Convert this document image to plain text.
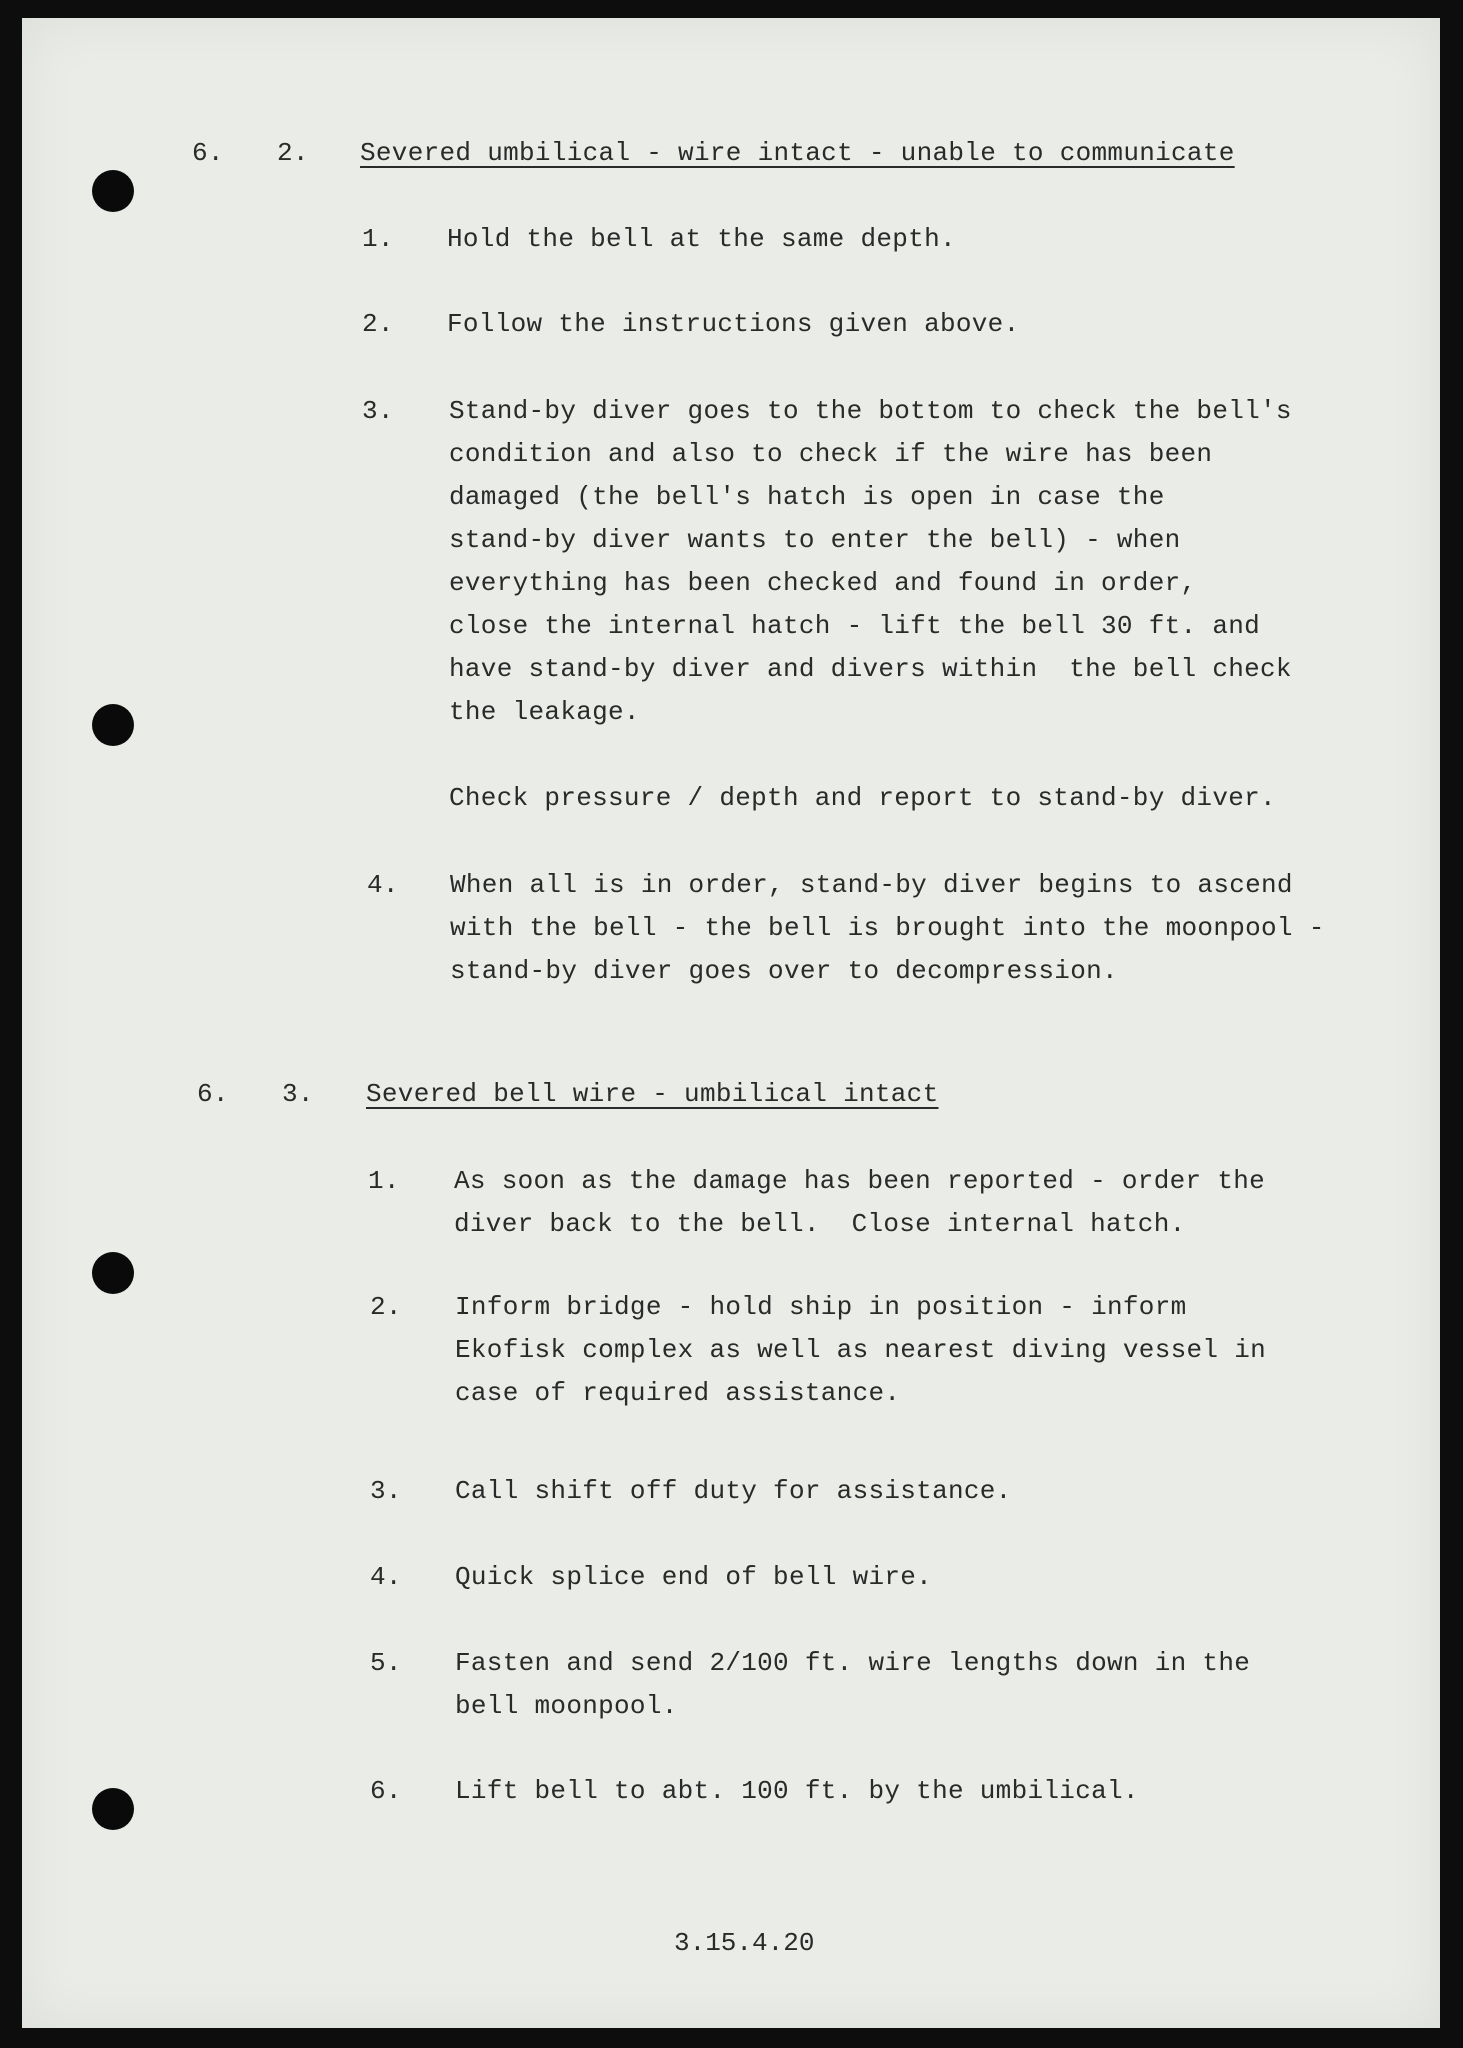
6. 2. Severed umbilical - wire intact - unable to communicate
1. Hold the bell at the same depth.
2. Follow the instructions given above.
3. Stand-by diver goes to the bottom to check the bell's
condition and also to check if the wire has been
damaged (the bell's hatch is open in case the
stand-by diver wants to enter the bell) - when
everything has been checked and found in order,
close the internal hatch - lift the bell 30 ft. and
have stand-by diver and divers within  the bell check
the leakage.
Check pressure / depth and report to stand-by diver.
4. When all is in order, stand-by diver begins to ascend
with the bell - the bell is brought into the moonpool -
stand-by diver goes over to decompression.
6. 3. Severed bell wire - umbilical intact
1. As soon as the damage has been reported - order the
diver back to the bell.  Close internal hatch.
2. Inform bridge - hold ship in position - inform
Ekofisk complex as well as nearest diving vessel in
case of required assistance.
3. Call shift off duty for assistance.
4. Quick splice end of bell wire.
5. Fasten and send 2/100 ft. wire lengths down in the
bell moonpool.
6. Lift bell to abt. 100 ft. by the umbilical.
3.15.4.20
